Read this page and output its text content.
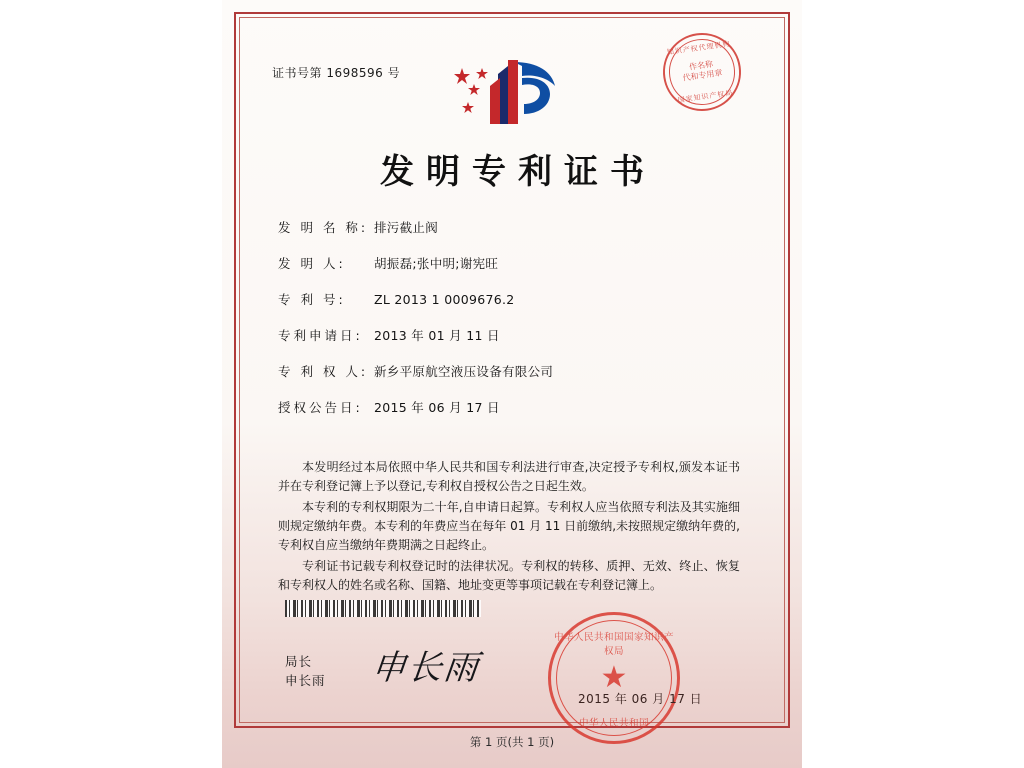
知识产权代理机构
作名称
代和专用章
国家知识产权局
证书号第 1698596 号
发明专利证书
发 明 名 称: 排污截止阀
发 明 人:	胡振磊;张中明;谢宪旺
专 利 号:	ZL 2013 1 0009676.2
专利申请日: 2013 年 01 月 11 日
专 利 权 人: 新乡平原航空液压设备有限公司
授权公告日: 2015 年 06 月 17 日

本发明经过本局依照中华人民共和国专利法进行审查,决定授予专利权,颁发本证书并在专利登记簿上予以登记,专利权自授权公告之日起生效。

本专利的专利权期限为二十年,自申请日起算。专利权人应当依照专利法及其实施细则规定缴纳年费。本专利的年费应当在每年 01 月 11 日前缴纳,未按照规定缴纳年费的,专利权自应当缴纳年费期满之日起终止。

专利证书记载专利权登记时的法律状况。专利权的转移、质押、无效、终止、恢复和专利权人的姓名或名称、国籍、地址变更等事项记载在专利登记簿上。

局长
申长雨 申长雨
中华人民共和国国家知识产权局
★
中华人民共和国
2015 年 06 月 17 日
第 1 页(共 1 页)
